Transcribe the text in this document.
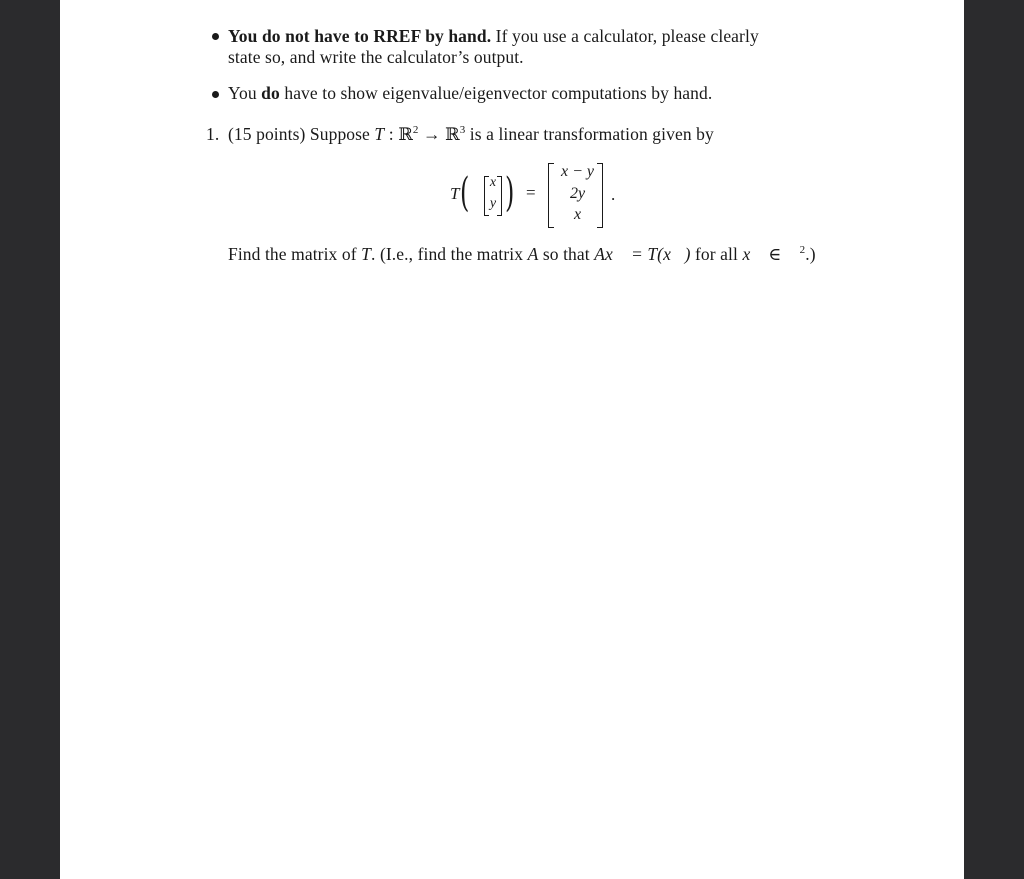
You do not have to RREF by hand. If you use a calculator, please clearly
state so, and write the calculator’s output.
You do have to show eigenvalue/eigenvector computations by hand.
1. (15 points) Suppose T : ℝ$^2$ → ℝ$^3$ is a linear transformation given by
T ( x
y ) =
x − y
2y
x
.
Find the matrix of T. (I.e., find the matrix A so that Ax⃗ = T(x⃗) for all x⃗ ∈ ℝ$^2$.)
